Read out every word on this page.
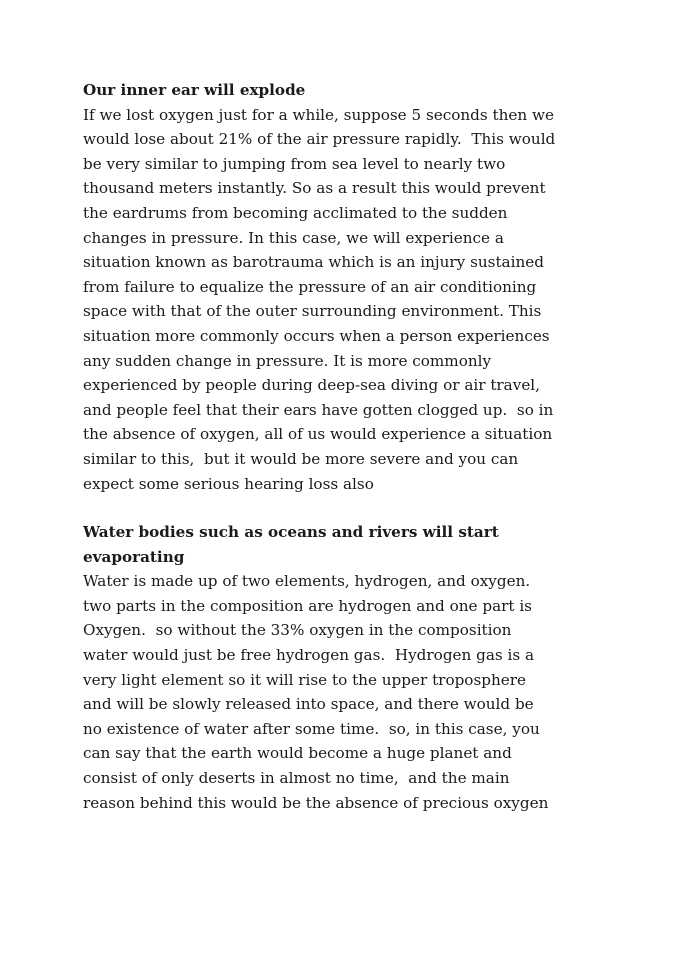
Our inner ear will explode
If we lost oxygen just for a while, suppose 5 seconds then we
would lose about 21% of the air pressure rapidly.  This would
be very similar to jumping from sea level to nearly two
thousand meters instantly. So as a result this would prevent
the eardrums from becoming acclimated to the sudden
changes in pressure. In this case, we will experience a
situation known as barotrauma which is an injury sustained
from failure to equalize the pressure of an air conditioning
space with that of the outer surrounding environment. This
situation more commonly occurs when a person experiences
any sudden change in pressure. It is more commonly
experienced by people during deep-sea diving or air travel,
and people feel that their ears have gotten clogged up.  so in
the absence of oxygen, all of us would experience a situation
similar to this,  but it would be more severe and you can
expect some serious hearing loss also
Water bodies such as oceans and rivers will start
evaporating
Water is made up of two elements, hydrogen, and oxygen.
two parts in the composition are hydrogen and one part is
Oxygen.  so without the 33% oxygen in the composition
water would just be free hydrogen gas.  Hydrogen gas is a
very light element so it will rise to the upper troposphere
and will be slowly released into space, and there would be
no existence of water after some time.  so, in this case, you
can say that the earth would become a huge planet and
consist of only deserts in almost no time,  and the main
reason behind this would be the absence of precious oxygen
